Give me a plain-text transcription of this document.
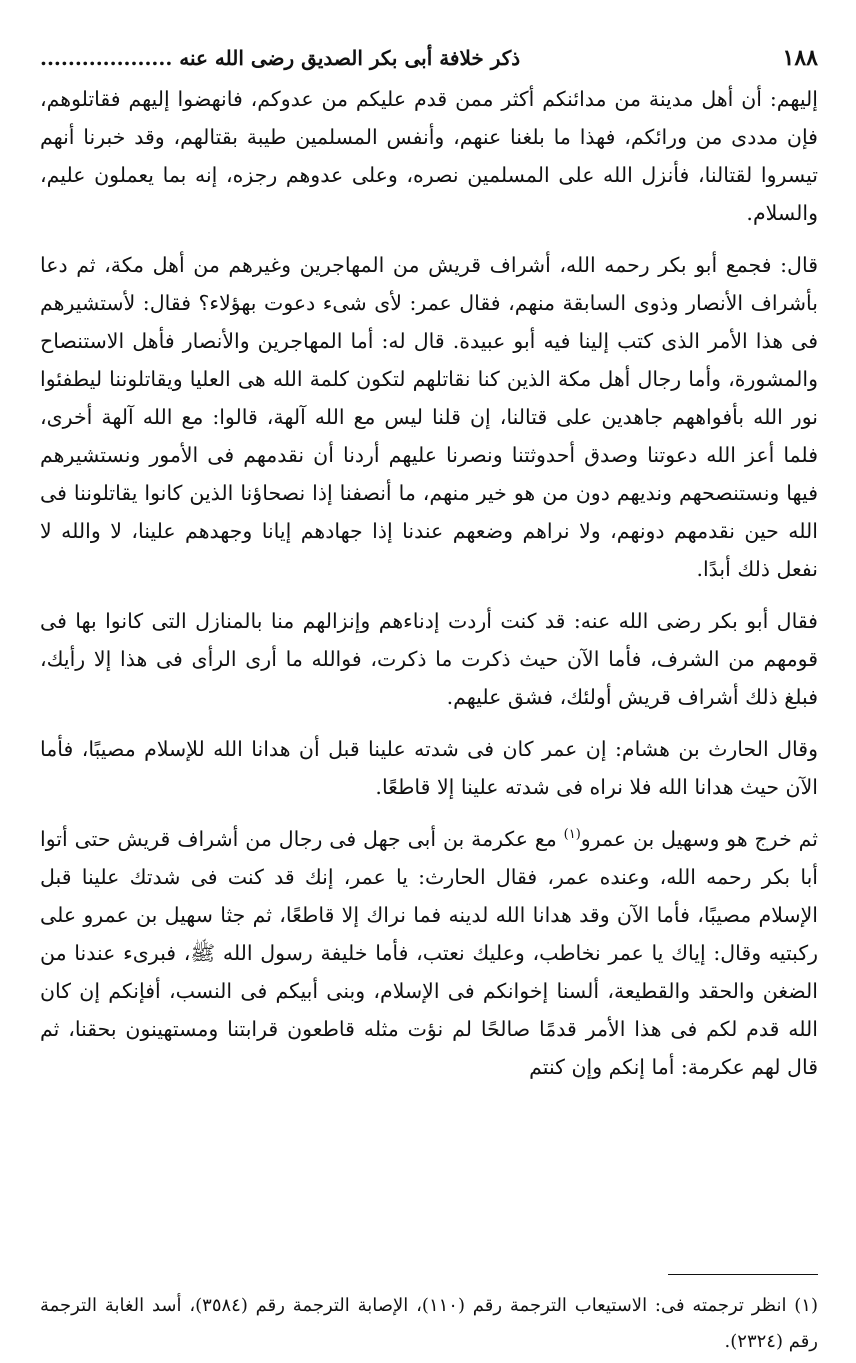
١٨٨
ذكر خلافة أبى بكر الصديق رضى الله عنه ...................

إليهم: أن أهل مدينة من مدائنكم أكثر ممن قدم عليكم من عدوكم، فانهضوا إليهم فقاتلوهم، فإن مددى من ورائكم، فهذا ما بلغنا عنهم، وأنفس المسلمين طيبة بقتالهم، وقد خبرنا أنهم تيسروا لقتالنا، فأنزل الله على المسلمين نصره، وعلى عدوهم رجزه، إنه بما يعملون عليم، والسلام.

قال: فجمع أبو بكر رحمه الله، أشراف قريش من المهاجرين وغيرهم من أهل مكة، ثم دعا بأشراف الأنصار وذوى السابقة منهم، فقال عمر: لأى شىء دعوت بهؤلاء؟ فقال: لأستشيرهم فى هذا الأمر الذى كتب إلينا فيه أبو عبيدة. قال له: أما المهاجرين والأنصار فأهل الاستنصاح والمشورة، وأما رجال أهل مكة الذين كنا نقاتلهم لتكون كلمة الله هى العليا ويقاتلوننا ليطفئوا نور الله بأفواههم جاهدين على قتالنا، إن قلنا ليس مع الله آلهة، قالوا: مع الله آلهة أخرى، فلما أعز الله دعوتنا وصدق أحدوثتنا ونصرنا عليهم أردنا أن نقدمهم فى الأمور ونستشيرهم فيها ونستنصحهم ونديهم دون من هو خير منهم، ما أنصفنا إذا نصحاؤنا الذين كانوا يقاتلوننا فى الله حين نقدمهم دونهم، ولا نراهم وضعهم عندنا إذا جهادهم إيانا وجهدهم علينا، لا والله لا نفعل ذلك أبدًا.

فقال أبو بكر رضى الله عنه: قد كنت أردت إدناءهم وإنزالهم منا بالمنازل التى كانوا بها فى قومهم من الشرف، فأما الآن حيث ذكرت ما ذكرت، فوالله ما أرى الرأى فى هذا إلا رأيك، فبلغ ذلك أشراف قريش أولئك، فشق عليهم.

وقال الحارث بن هشام: إن عمر كان فى شدته علينا قبل أن هدانا الله للإسلام مصيبًا، فأما الآن حيث هدانا الله فلا نراه فى شدته علينا إلا قاطعًا.

ثم خرج هو وسهيل بن عمرو$^{(١)}$ مع عكرمة بن أبى جهل فى رجال من أشراف قريش حتى أتوا أبا بكر رحمه الله، وعنده عمر، فقال الحارث: يا عمر، إنك قد كنت فى شدتك علينا قبل الإسلام مصيبًا، فأما الآن وقد هدانا الله لدينه فما نراك إلا قاطعًا، ثم جثا سهيل بن عمرو على ركبتيه وقال: إياك يا عمر نخاطب، وعليك نعتب، فأما خليفة رسول الله ﷺ، فبرىء عندنا من الضغن والحقد والقطيعة، ألسنا إخوانكم فى الإسلام، وبنى أبيكم فى النسب، أفإنكم إن كان الله قدم لكم فى هذا الأمر قدمًا صالحًا لم نؤت مثله قاطعون قرابتنا ومستهينون بحقنا، ثم قال لهم عكرمة: أما إنكم وإن كنتم

(١) انظر ترجمته فى: الاستيعاب الترجمة رقم (١١٠)، الإصابة الترجمة رقم (٣٥٨٤)، أسد الغابة الترجمة رقم (٢٣٢٤).
